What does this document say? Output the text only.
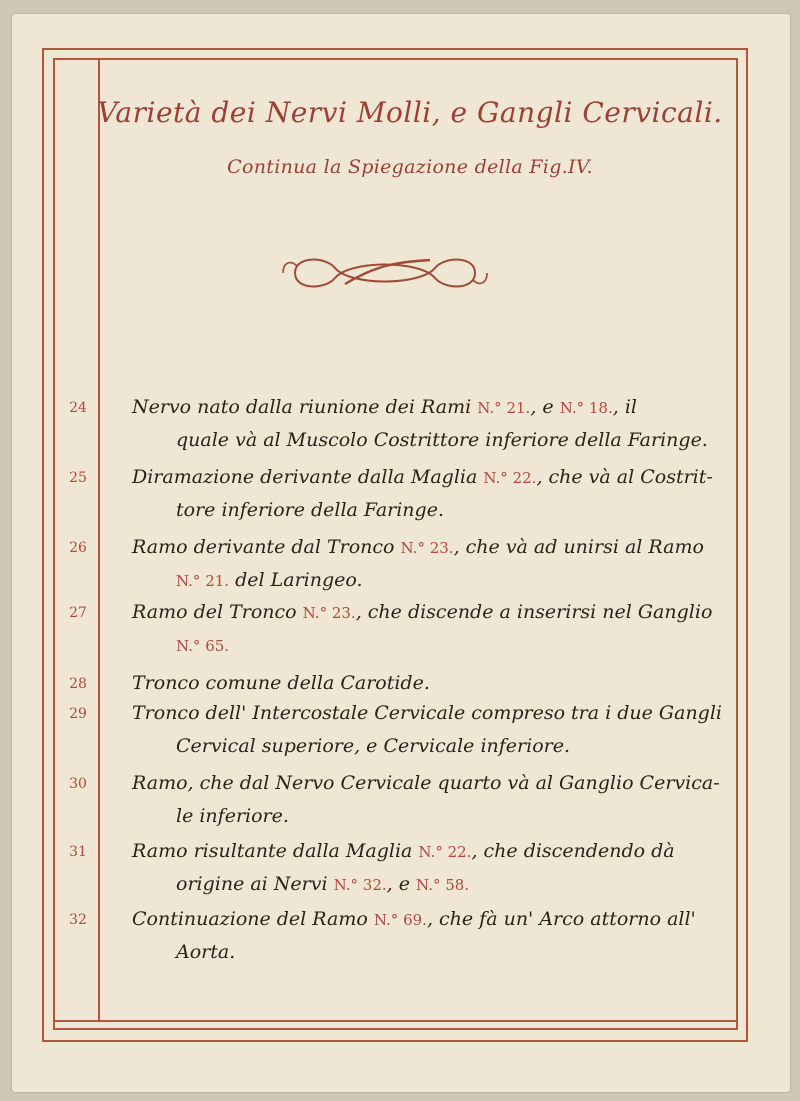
Varietà dei Nervi Molli, e Gangli Cervicali.
Continua la Spiegazione della Fig.IV.
24	Nervo nato dalla riunione dei Rami N.° 21., e N.° 18., il
quale và al Muscolo Costrittore inferiore della Faringe.
25	Diramazione derivante dalla Maglia N.° 22., che và al Costrit-
tore inferiore della Faringe.
26	Ramo derivante dal Tronco N.° 23., che và ad unirsi al Ramo
N.° 21. del Laringeo.
27	Ramo del Tronco N.° 23., che discende a inserirsi nel Ganglio
N.° 65.
28	Tronco comune della Carotide.
29	Tronco dell' Intercostale Cervicale compreso tra i due Gangli
Cervical superiore, e Cervicale inferiore.
30	Ramo, che dal Nervo Cervicale quarto và al Ganglio Cervica-
le inferiore.
31	Ramo risultante dalla Maglia N.° 22., che discendendo dà
origine ai Nervi N.° 32., e N.° 58.
32	Continuazione del Ramo N.° 69., che fà un' Arco attorno all'
Aorta.
